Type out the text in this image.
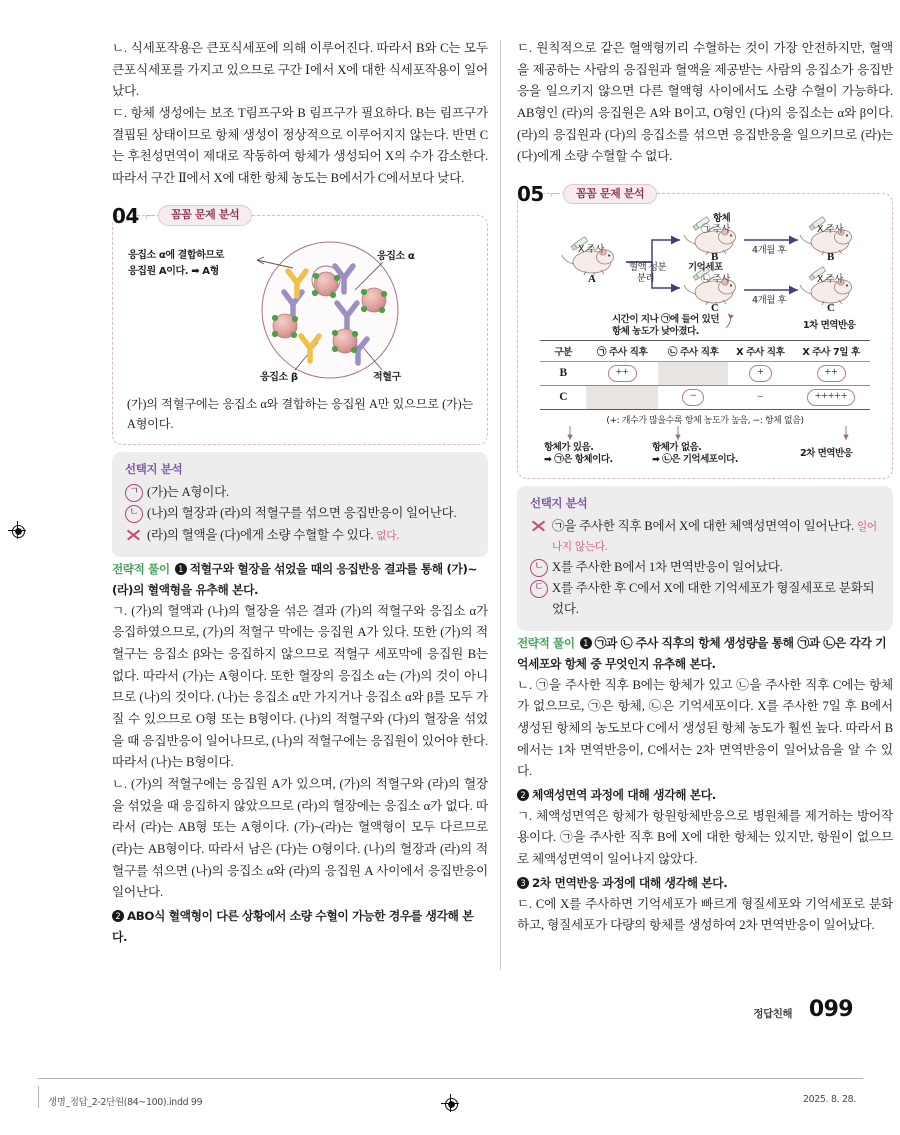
ㄴ. 식세포작용은 큰포식세포에 의해 이루어진다. 따라서 B와 C는 모두 큰포식세포를 가지고 있으므로 구간 Ⅰ에서 X에 대한 식세포작용이 일어났다.

ㄷ. 항체 생성에는 보조 T림프구와 B 림프구가 필요하다. B는 림프구가 결핍된 상태이므로 항체 생성이 정상적으로 이루어지지 않는다. 반면 C는 후천성면역이 제대로 작동하여 항체가 생성되어 X의 수가 감소한다. 따라서 구간 Ⅱ에서 X에 대한 항체 농도는 B에서가 C에서보다 낮다.

04 ⌐	꼼꼼 문제 분석
응집소 α에 결합하므로
응집원 A이다. ➡ A형
응집소 α
응집소 β	적혈구
(가)의 적혈구에는 응집소 α와 결합하는 응집원 A만 있으므로 (가)는 A형이다.
선택지 분석
ㄱ (가)는 A형이다.
ㄴ (나)의 혈장과 (라)의 적혈구를 섞으면 응집반응이 일어난다.
(라)의 혈액을 (다)에게 소량 수혈할 수 있다. 없다.

전략적 풀이 1 적혈구와 혈장을 섞었을 때의 응집반응 결과를 통해 (가)~(라)의 혈액형을 유추해 본다.

ㄱ. (가)의 혈액과 (나)의 혈장을 섞은 결과 (가)의 적혈구와 응집소 α가 응집하였으므로, (가)의 적혈구 막에는 응집원 A가 있다. 또한 (가)의 적혈구는 응집소 β와는 응집하지 않으므로 적혈구 세포막에 응집원 B는 없다. 따라서 (가)는 A형이다. 또한 혈장의 응집소 α는 (가)의 것이 아니므로 (나)의 것이다. (나)는 응집소 α만 가지거나 응집소 α와 β를 모두 가질 수 있으므로 O형 또는 B형이다. (나)의 적혈구와 (다)의 혈장을 섞었을 때 응집반응이 일어나므로, (나)의 적혈구에는 응집원이 있어야 한다. 따라서 (나)는 B형이다.

ㄴ. (가)의 적혈구에는 응집원 A가 있으며, (가)의 적혈구와 (라)의 혈장을 섞었을 때 응집하지 않았으므로 (라)의 혈장에는 응집소 α가 없다. 따라서 (라)는 AB형 또는 A형이다. (가)~(라)는 혈액형이 모두 다르므로 (라)는 AB형이다. 따라서 남은 (다)는 O형이다. (나)의 혈장과 (라)의 적혈구를 섞으면 (나)의 응집소 α와 (라)의 응집원 A 사이에서 응집반응이 일어난다.

2 ABO식 혈액형이 다른 상황에서 소량 수혈이 가능한 경우를 생각해 본다.

ㄷ. 원칙적으로 같은 혈액형끼리 수혈하는 것이 가장 안전하지만, 혈액을 제공하는 사람의 응집원과 혈액을 제공받는 사람의 응집소가 응집반응을 일으키지 않으면 다른 혈액형 사이에서도 소량 수혈이 가능하다. AB형인 (라)의 응집원은 A와 B이고, O형인 (다)의 응집소는 α와 β이다. (라)의 응집원과 (다)의 응집소를 섞으면 응집반응을 일으키므로 (라)는 (다)에게 소량 수혈할 수 없다.

05 ⌐	꼼꼼 문제 분석
항체
㉠ 주사
㉡ 주사
기억세포
X 주사
X 주사
X 주사
혈액 성분
분리
4개월 후
4개월 후
A
B
C
B
C
시간이 지나 ㉠에 들어 있던
항체 농도가 낮아졌다.
1차 면역반응
구분	㉠ 주사 직후	㉡ 주사 직후	X 주사 직후	X 주사 7일 후
B	++		+	++
C		−	−	+++++
(+: 개수가 많을수록 항체 농도가 높음, −: 항체 없음)
항체가 있음.
➡ ㉠은 항체이다.
항체가 없음.
➡ ㉡은 기억세포이다.
2차 면역반응
선택지 분석
㉠을 주사한 직후 B에서 X에 대한 체액성면역이 일어난다. 일어나지 않는다.
ㄴ X를 주사한 B에서 1차 면역반응이 일어났다.
ㄷ X를 주사한 후 C에서 X에 대한 기억세포가 형질세포로 분화되었다.

전략적 풀이 1 ㉠과 ㉡ 주사 직후의 항체 생성량을 통해 ㉠과 ㉡은 각각 기억세포와 항체 중 무엇인지 유추해 본다.

ㄴ. ㉠을 주사한 직후 B에는 항체가 있고 ㉡을 주사한 직후 C에는 항체가 없으므로, ㉠은 항체, ㉡은 기억세포이다. X를 주사한 7일 후 B에서 생성된 항체의 농도보다 C에서 생성된 항체 농도가 훨씬 높다. 따라서 B에서는 1차 면역반응이, C에서는 2차 면역반응이 일어났음을 알 수 있다.

2 체액성면역 과정에 대해 생각해 본다.

ㄱ. 체액성면역은 항체가 항원항체반응으로 병원체를 제거하는 방어작용이다. ㉠을 주사한 직후 B에 X에 대한 항체는 있지만, 항원이 없으므로 체액성면역이 일어나지 않았다.

3 2차 면역반응 과정에 대해 생각해 본다.

ㄷ. C에 X를 주사하면 기억세포가 빠르게 형질세포와 기억세포로 분화하고, 형질세포가 다량의 항체를 생성하여 2차 면역반응이 일어났다.

정답친해 099
생명_정답_2-2단원(84~100).indd 99	2025. 8. 28.
